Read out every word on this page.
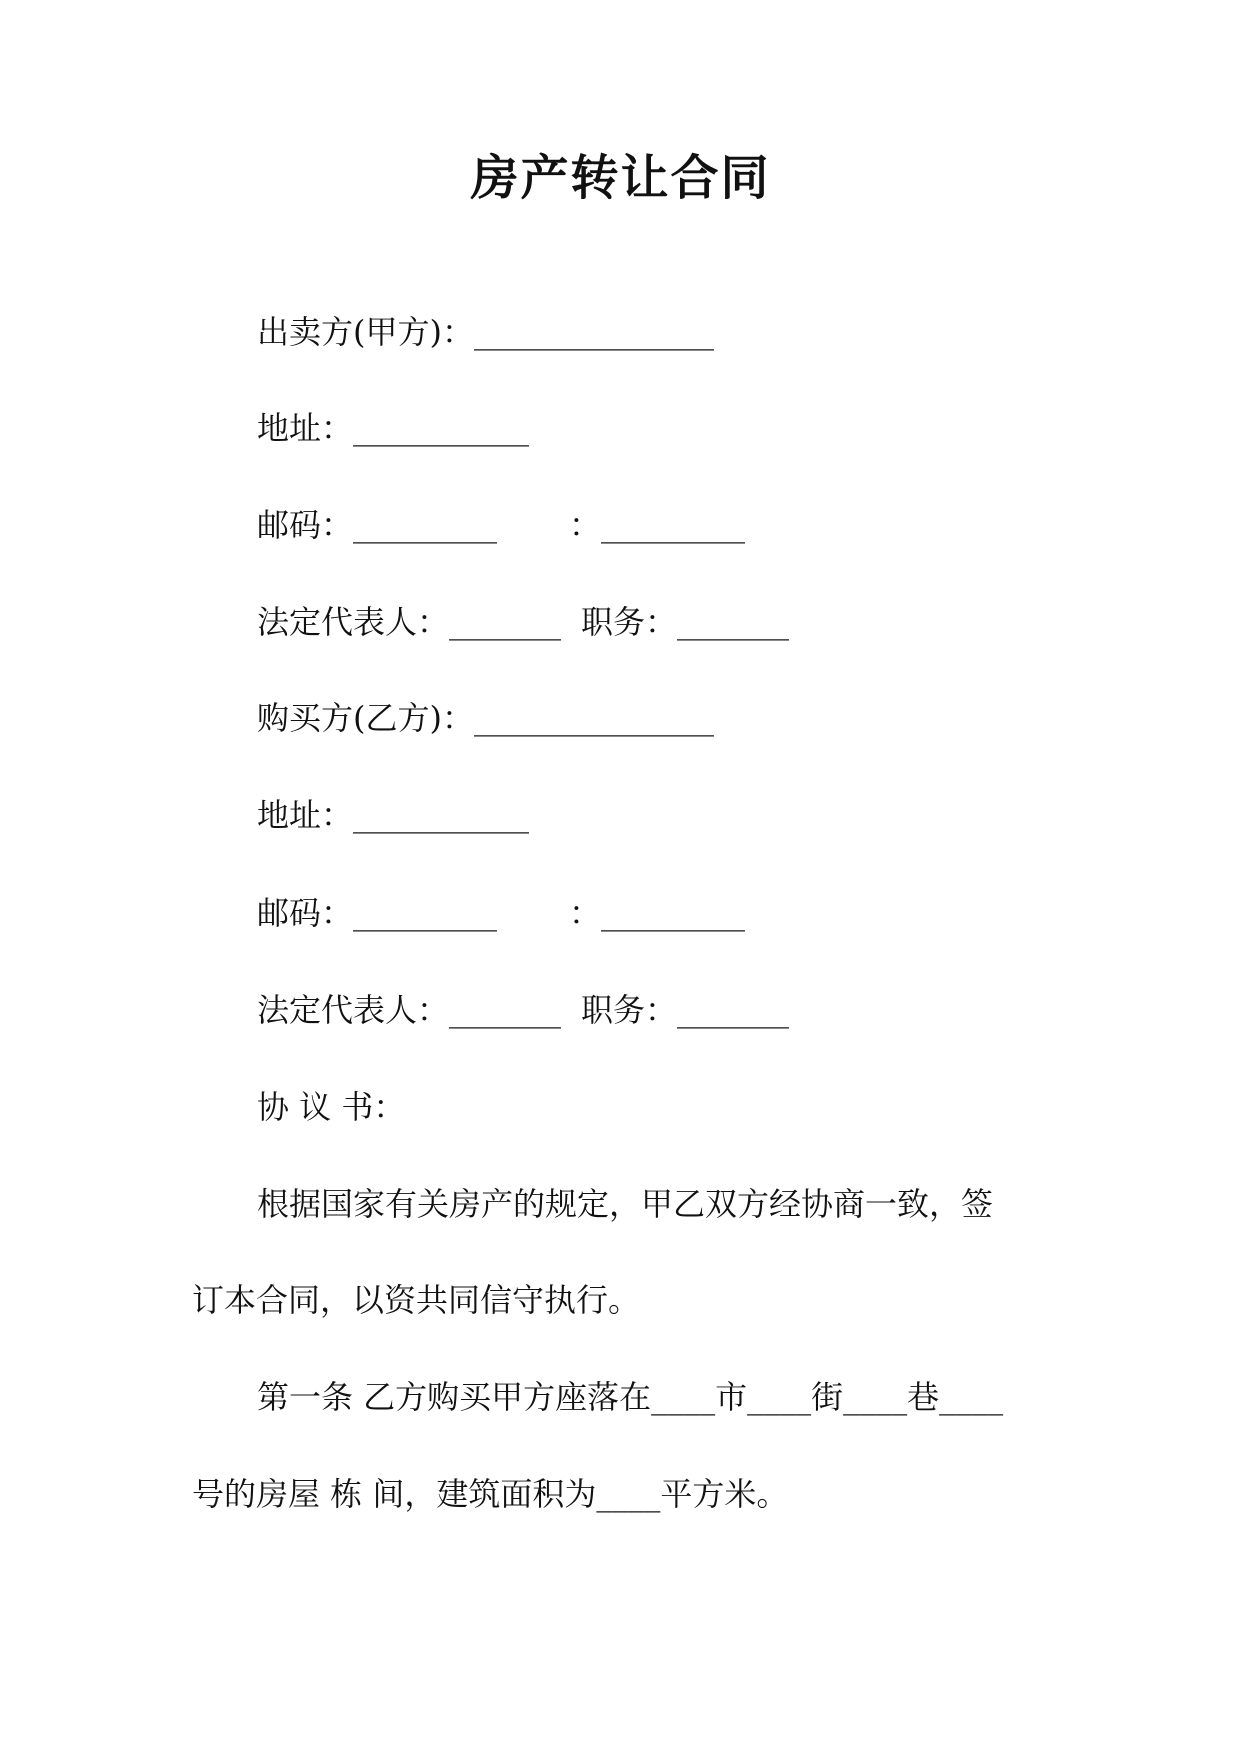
房产转让合同
出卖方(甲方)：_______________
地址：___________
邮码：_________ ：_________
法定代表人：_______ 职务：_______
购买方(乙方)：_______________
地址：___________
邮码：_________ ：_________
法定代表人：_______ 职务：_______
协 议 书：
根据国家有关房产的规定，甲乙双方经协商一致，签
订本合同，以资共同信守执行。
第一条 乙方购买甲方座落在____市____街____巷____
号的房屋 栋 间，建筑面积为____平方米。
